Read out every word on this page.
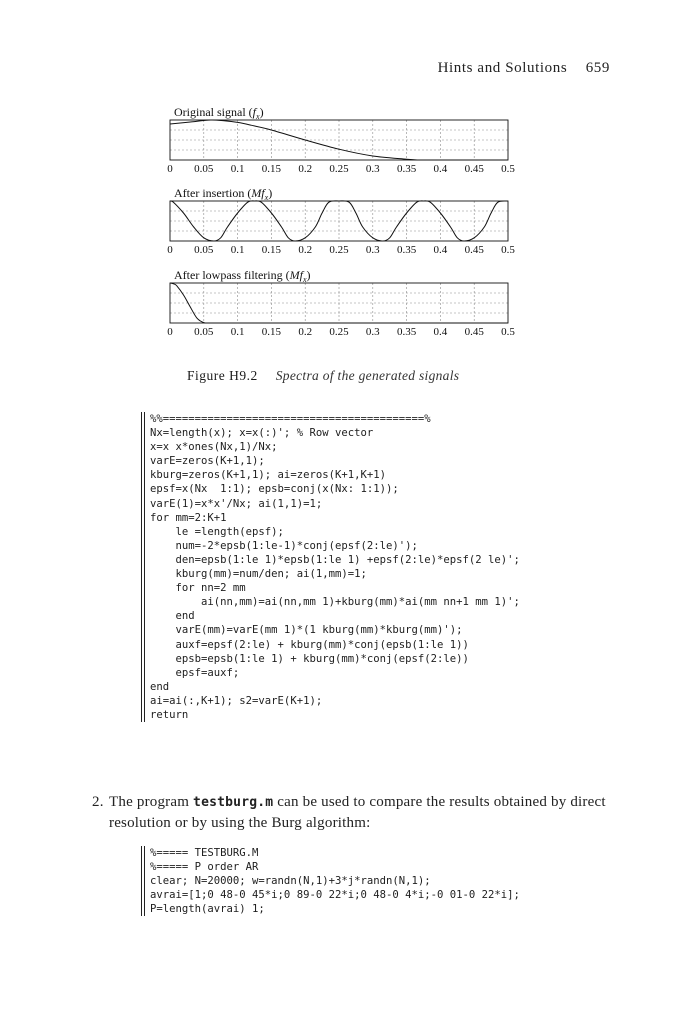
Hints and Solutions 659
Original signal $(f_x)$
0 0.05 0.1 0.15 0.2 0.25 0.3 0.35 0.4 0.45 0.5
After insertion $(Mf_x)$
0 0.05 0.1 0.15 0.2 0.25 0.3 0.35 0.4 0.45 0.5
After lowpass filtering $(Mf_x)$
0 0.05 0.1 0.15 0.2 0.25 0.3 0.35 0.4 0.45 0.5
Figure H9.2 Spectra of the generated signals
%%=========================================%
Nx=length(x); x=x(:)'; % Row vector
x=x x*ones(Nx,1)/Nx;
varE=zeros(K+1,1);
kburg=zeros(K+1,1); ai=zeros(K+1,K+1)
epsf=x(Nx  1:1); epsb=conj(x(Nx: 1:1));
varE(1)=x*x'/Nx; ai(1,1)=1;
for mm=2:K+1
le =length(epsf);
num=-2*epsb(1:le-1)*conj(epsf(2:le)');
den=epsb(1:le 1)*epsb(1:le 1) +epsf(2:le)*epsf(2 le)';
kburg(mm)=num/den; ai(1,mm)=1;
for nn=2 mm
ai(nn,mm)=ai(nn,mm 1)+kburg(mm)*ai(mm nn+1 mm 1)';
end
varE(mm)=varE(mm 1)*(1 kburg(mm)*kburg(mm)');
auxf=epsf(2:le) + kburg(mm)*conj(epsb(1:le 1))
epsb=epsb(1:le 1) + kburg(mm)*conj(epsf(2:le))
epsf=auxf;
end
ai=ai(:,K+1); s2=varE(K+1);
return
2. The program testburg.m can be used to compare the results obtained by direct resolution or by using the Burg algorithm:
%===== TESTBURG.M
%===== P order AR
clear; N=20000; w=randn(N,1)+3*j*randn(N,1);
avrai=[1;0 48-0 45*i;0 89-0 22*i;0 48-0 4*i;-0 01-0 22*i];
P=length(avrai) 1;
